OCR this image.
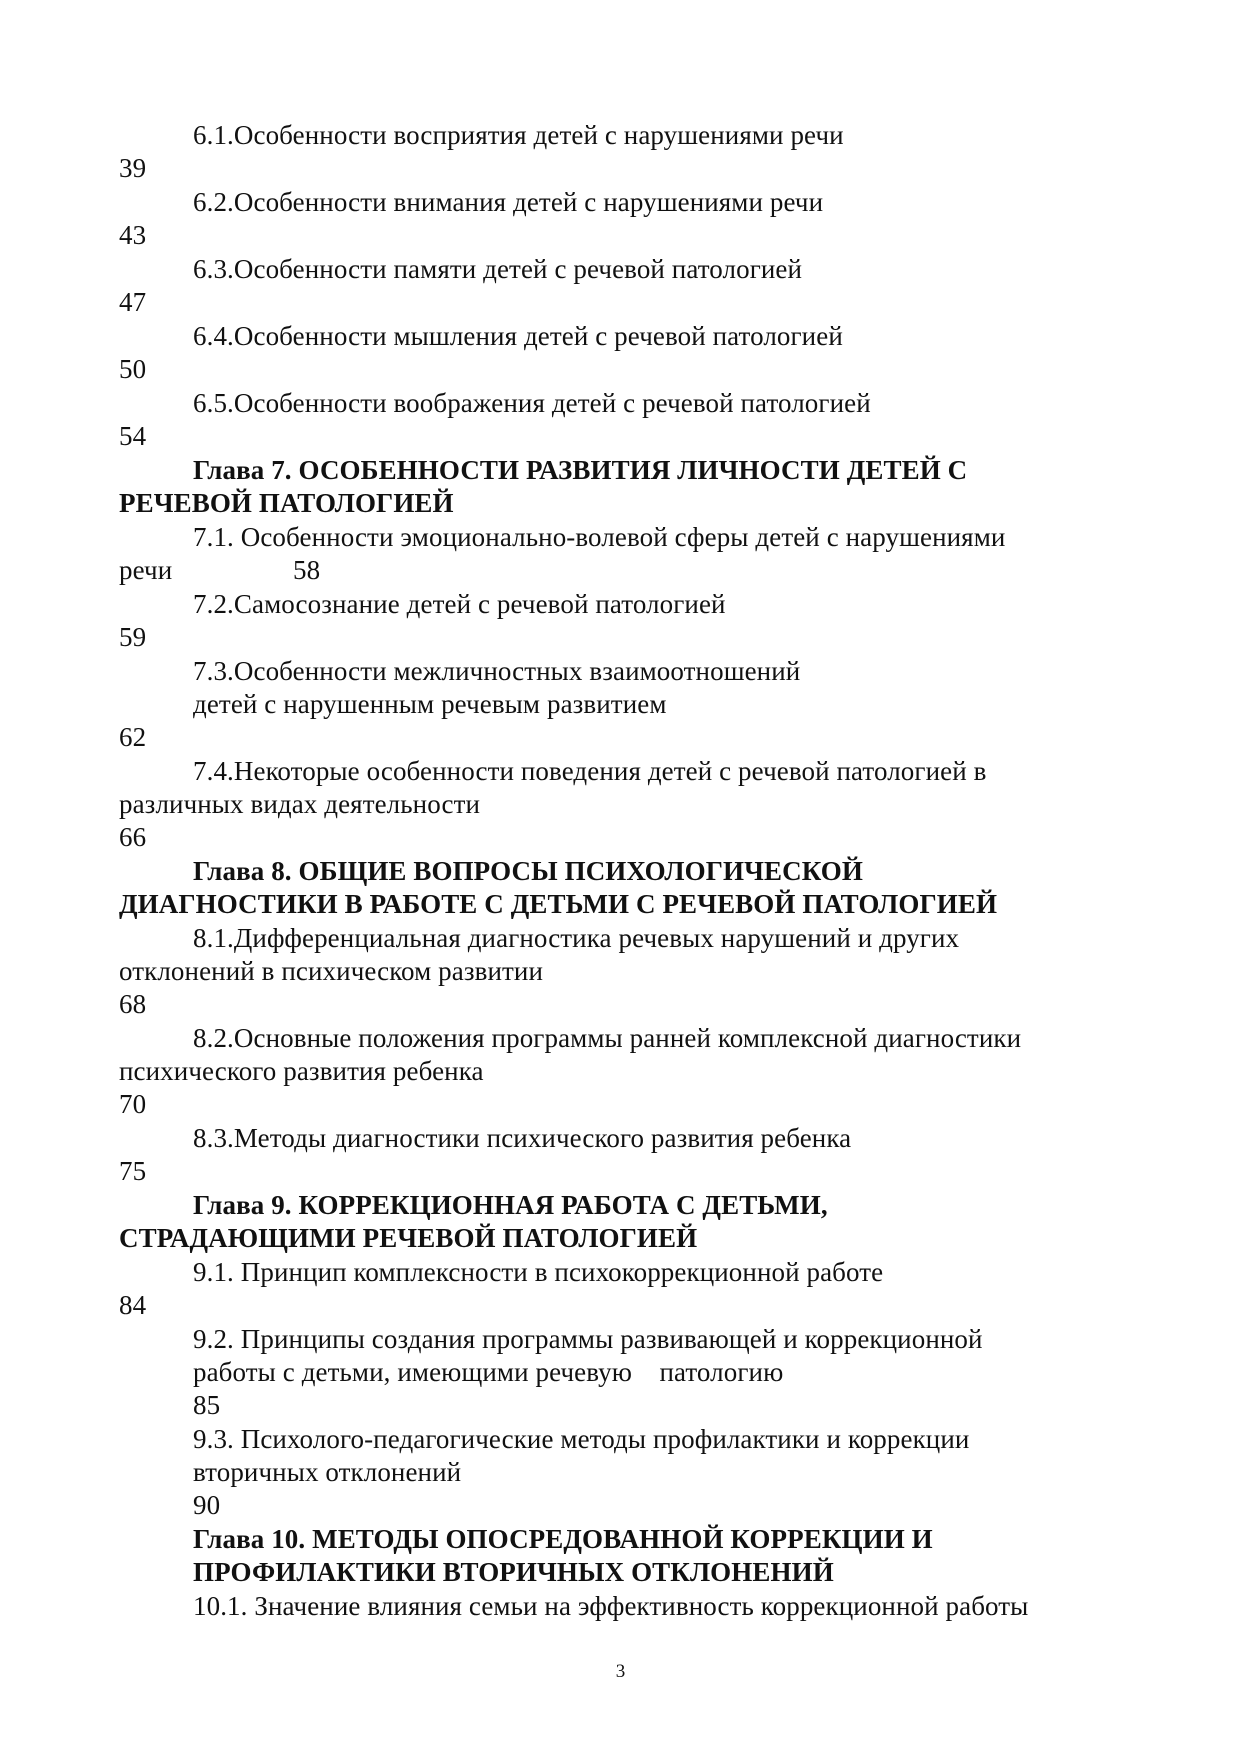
6.1.Особенности восприятия детей с нарушениями речи
39
6.2.Особенности внимания детей с нарушениями речи
43
6.3.Особенности памяти детей с речевой патологией
47
6.4.Особенности мышления детей с речевой патологией
50
6.5.Особенности воображения детей с речевой патологией
54
Глава 7. ОСОБЕННОСТИ РАЗВИТИЯ ЛИЧНОСТИ ДЕТЕЙ С
РЕЧЕВОЙ ПАТОЛОГИЕЙ
7.1. Особенности эмоционально-волевой сферы детей с нарушениями
речи	58
7.2.Самосознание детей с речевой патологией
59
7.3.Особенности межличностных взаимоотношений
детей с нарушенным речевым развитием
62
7.4.Некоторые особенности поведения детей с речевой патологией в
различных видах деятельности
66
Глава 8. ОБЩИЕ ВОПРОСЫ ПСИХОЛОГИЧЕСКОЙ
ДИАГНОСТИКИ В РАБОТЕ С ДЕТЬМИ С РЕЧЕВОЙ ПАТОЛОГИЕЙ
8.1.Дифференциальная диагностика речевых нарушений и других
отклонений в психическом развитии
68
8.2.Основные положения программы ранней комплексной диагностики
психического развития ребенка
70
8.3.Методы диагностики психического развития ребенка
75
Глава 9. КОРРЕКЦИОННАЯ РАБОТА С ДЕТЬМИ,
СТРАДАЮЩИМИ РЕЧЕВОЙ ПАТОЛОГИЕЙ
9.1. Принцип комплексности в психокоррекционной работе
84
9.2. Принципы создания программы развивающей и коррекционной
работы с детьми, имеющими речевую    патологию
85
9.3. Психолого-педагогические методы профилактики и коррекции
вторичных отклонений
90
Глава 10. МЕТОДЫ ОПОСРЕДОВАННОЙ КОРРЕКЦИИ И
ПРОФИЛАКТИКИ ВТОРИЧНЫХ ОТКЛОНЕНИЙ
10.1. Значение влияния семьи на эффективность коррекционной работы
3
